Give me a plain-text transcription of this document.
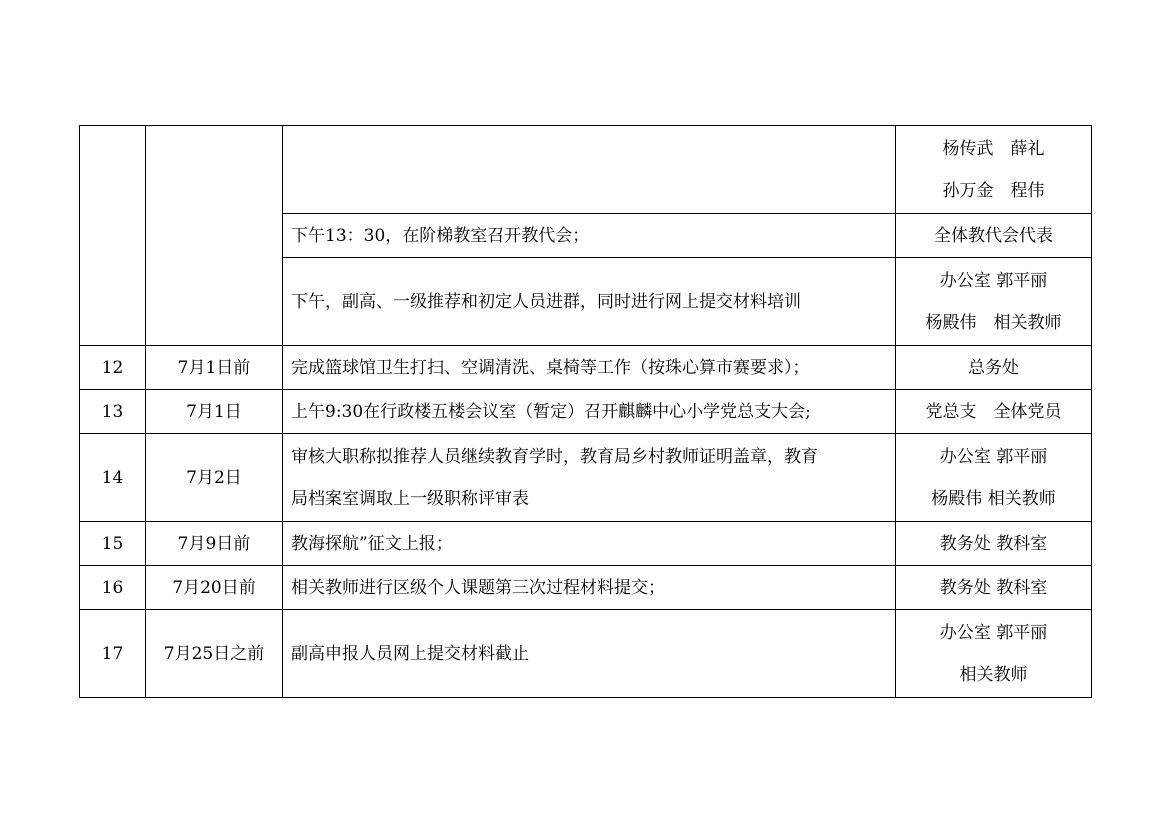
			杨传武　薛礼
孙万金　程伟

		下午13：30，在阶梯教室召开教代会；	全体教代会代表

		下午，副高、一级推荐和初定人员进群，同时进行网上提交材料培训	办公室 郭平丽
杨殿伟　相关教师

12	7月1日前	完成篮球馆卫生打扫、空调清洗、桌椅等工作（按珠心算市赛要求）；	总务处

13	7月1日	上午9:30在行政楼五楼会议室（暂定）召开麒麟中心小学党总支大会;	党总支　全体党员

14	7月2日	审核大职称拟推荐人员继续教育学时，教育局乡村教师证明盖章，教育
局档案室调取上一级职称评审表	办公室 郭平丽
杨殿伟 相关教师

15	7月9日前	教海探航”征文上报；	教务处 教科室

16	7月20日前	相关教师进行区级个人课题第三次过程材料提交；	教务处 教科室

17	7月25日之前	副高申报人员网上提交材料截止	办公室 郭平丽
相关教师
